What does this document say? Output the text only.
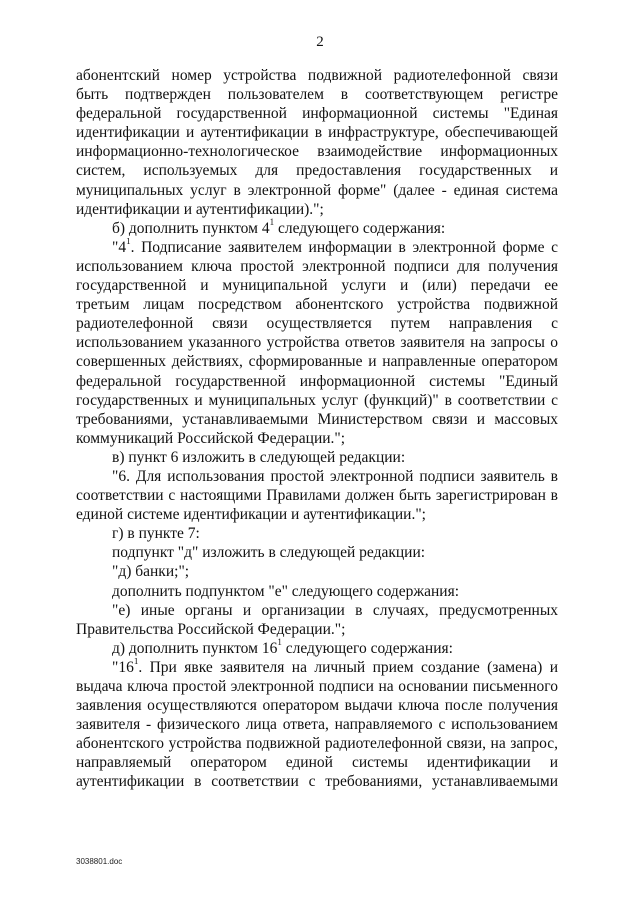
2
абонентский номер устройства подвижной радиотелефонной связи
быть подтвержден пользователем в соответствующем регистре
федеральной государственной информационной системы "Единая
идентификации и аутентификации в инфраструктуре, обеспечивающей
информационно-технологическое взаимодействие информационных
систем, используемых для предоставления государственных и
муниципальных услуг в электронной форме" (далее - единая система
идентификации и аутентификации).";
б) дополнить пунктом $4^1$ следующего содержания:
"$4^1$. Подписание заявителем информации в электронной форме с
использованием ключа простой электронной подписи для получения
государственной и муниципальной услуги и (или) передачи ее
третьим лицам посредством абонентского устройства подвижной
радиотелефонной связи осуществляется путем направления с
использованием указанного устройства ответов заявителя на запросы о
совершенных действиях, сформированные и направленные оператором
федеральной государственной информационной системы "Единый
государственных и муниципальных услуг (функций)" в соответствии с
требованиями, устанавливаемыми Министерством связи и массовых
коммуникаций Российской Федерации.";
в) пункт 6 изложить в следующей редакции:
"6. Для использования простой электронной подписи заявитель в
соответствии с настоящими Правилами должен быть зарегистрирован в
единой системе идентификации и аутентификации.";
г) в пункте 7:
подпункт "д" изложить в следующей редакции:
"д) банки;";
дополнить подпунктом "е" следующего содержания:
"е) иные органы и организации в случаях, предусмотренных
Правительства Российской Федерации.";
д) дополнить пунктом $16^1$ следующего содержания:
"$16^1$. При явке заявителя на личный прием создание (замена) и
выдача ключа простой электронной подписи на основании письменного
заявления осуществляются оператором выдачи ключа после получения
заявителя - физического лица ответа, направляемого с использованием
абонентского устройства подвижной радиотелефонной связи, на запрос,
направляемый оператором единой системы идентификации и
аутентификации в соответствии с требованиями, устанавливаемыми
3038801.doc
